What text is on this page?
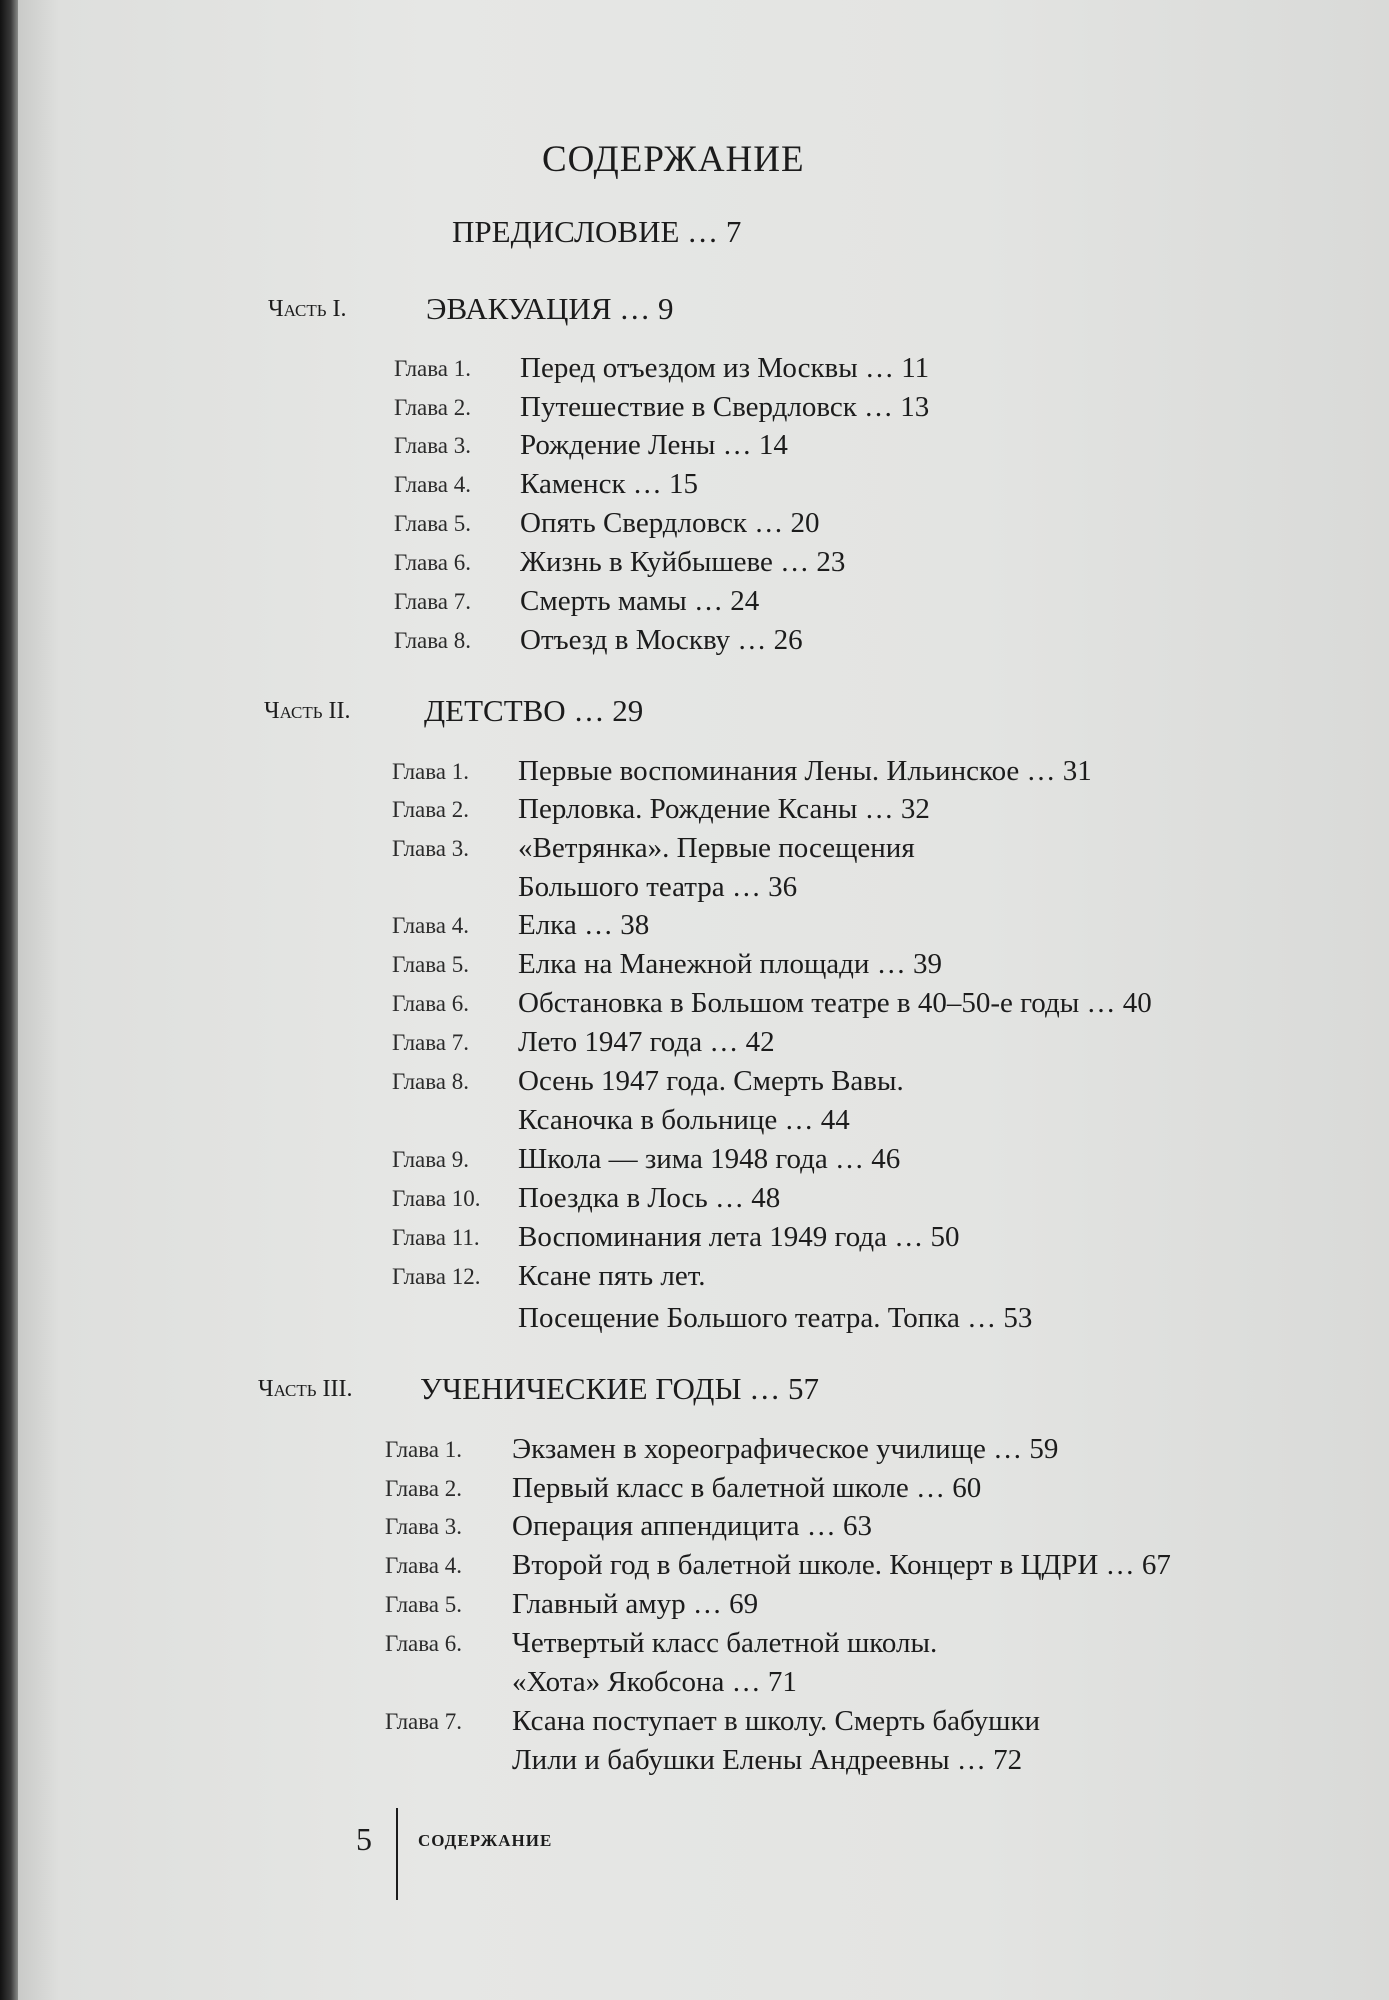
СОДЕРЖАНИЕ
ПРЕДИСЛОВИЕ … 7
Часть I.	ЭВАКУАЦИЯ … 9
Глава 1. Перед отъездом из Москвы … 11
Глава 2. Путешествие в Свердловск … 13
Глава 3. Рождение Лены … 14
Глава 4. Каменск … 15
Глава 5. Опять Свердловск … 20
Глава 6. Жизнь в Куйбышеве … 23
Глава 7. Смерть мамы … 24
Глава 8. Отъезд в Москву … 26
Часть II. ДЕТСТВО … 29
Глава 1. Первые воспоминания Лены. Ильинское … 31
Глава 2. Перловка. Рождение Ксаны … 32
Глава 3. «Ветрянка». Первые посещения
Большого театра … 36
Глава 4. Елка … 38
Глава 5. Елка на Манежной площади … 39
Глава 6. Обстановка в Большом театре в 40–50-е годы … 40
Глава 7. Лето 1947 года … 42
Глава 8. Осень 1947 года. Смерть Вавы.
Ксаночка в больнице … 44
Глава 9. Школа — зима 1948 года … 46
Глава 10. Поездка в Лось … 48
Глава 11. Воспоминания лета 1949 года … 50
Глава 12. Ксане пять лет.
Посещение Большого театра. Топка … 53
Часть III. УЧЕНИЧЕСКИЕ ГОДЫ … 57
Глава 1. Экзамен в хореографическое училище … 59
Глава 2. Первый класс в балетной школе … 60
Глава 3. Операция аппендицита … 63
Глава 4. Второй год в балетной школе. Концерт в ЦДРИ … 67
Глава 5. Главный амур … 69
Глава 6. Четвертый класс балетной школы.
«Хота» Якобсона … 71
Глава 7. Ксана поступает в школу. Смерть бабушки
Лили и бабушки Елены Андреевны … 72
5	СОДЕРЖАНИЕ
